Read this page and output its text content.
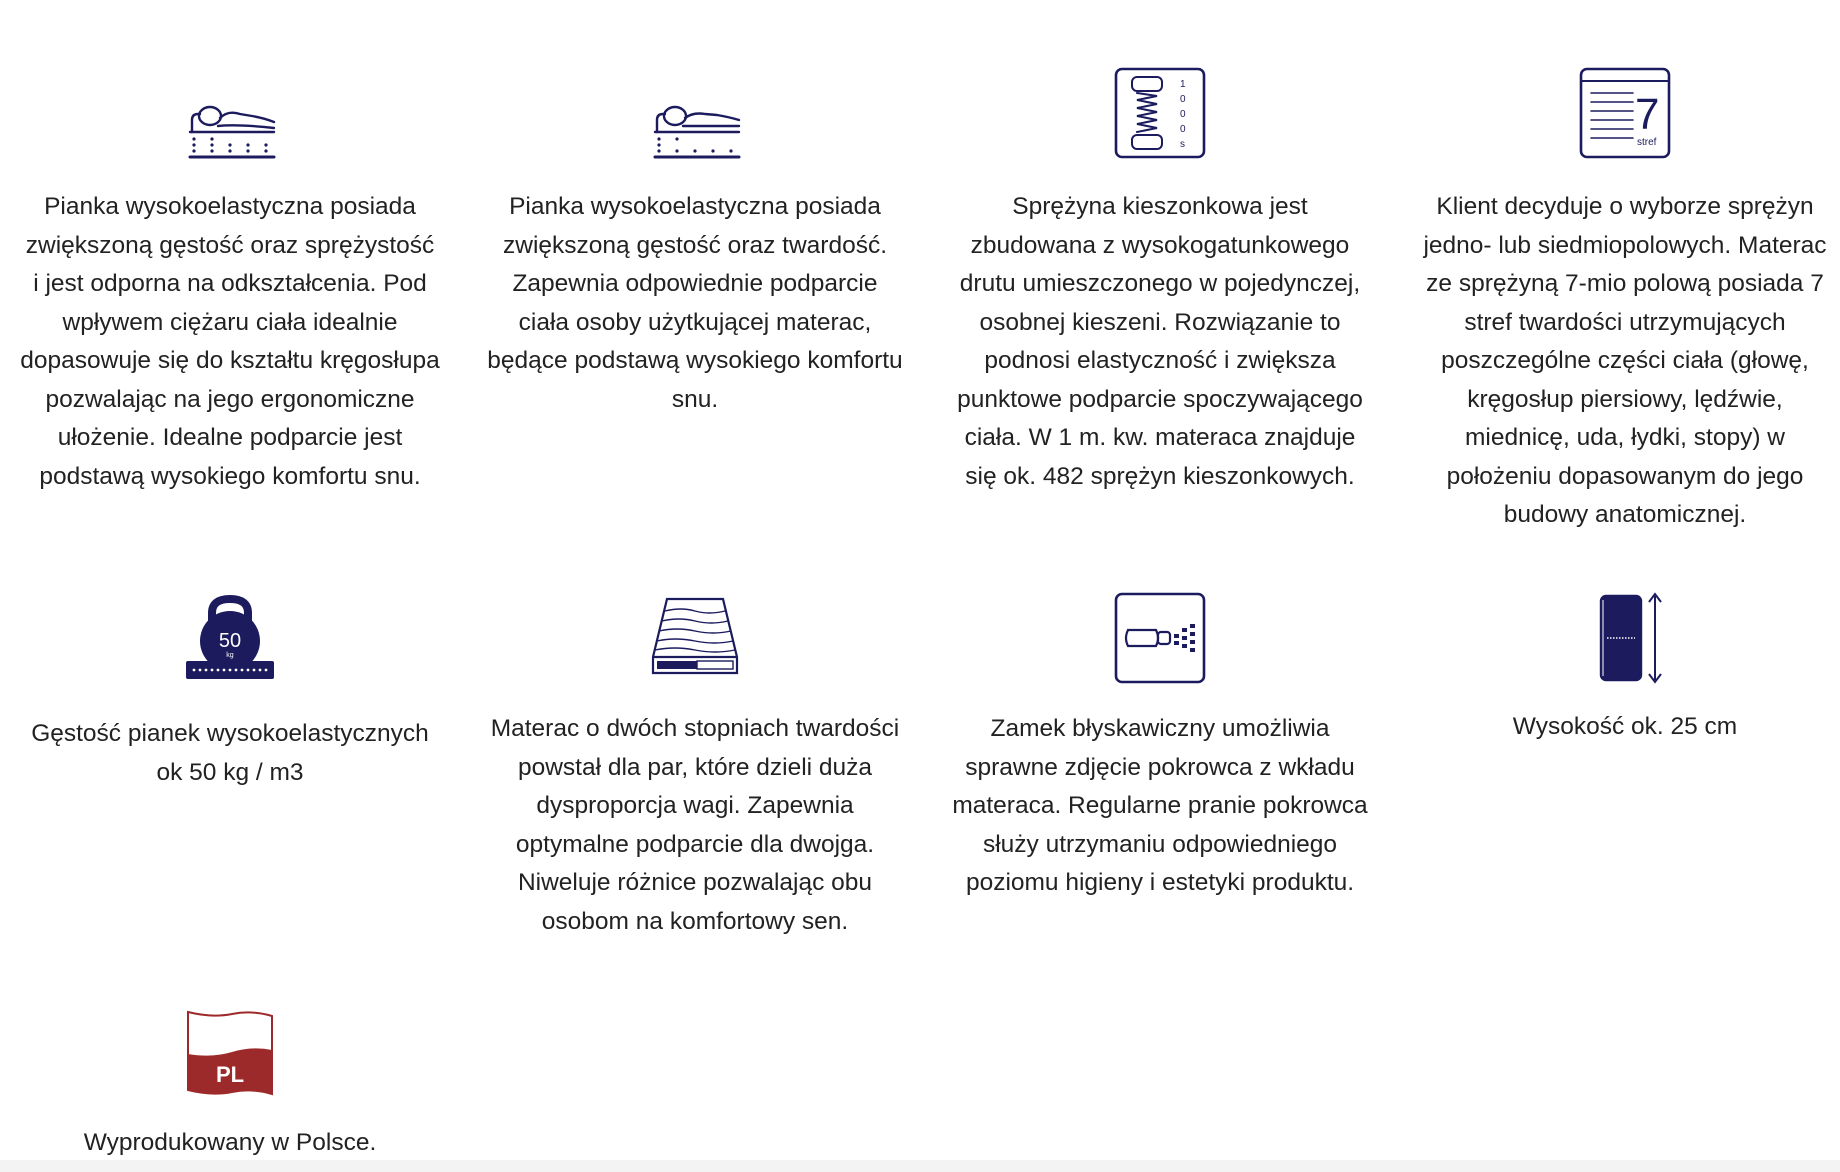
Pianka wysokoelastyczna posiada zwiększoną gęstość oraz sprężystość i jest odporna na odkształcenia. Pod wpływem ciężaru ciała idealnie dopasowuje się do kształtu kręgosłupa pozwalając na jego ergonomiczne ułożenie. Idealne podparcie jest podstawą wysokiego komfortu snu.

Pianka wysokoelastyczna posiada zwiększoną gęstość oraz twardość. Zapewnia odpowiednie podparcie ciała osoby użytkującej materac, będące podstawą wysokiego komfortu snu.

1
0
0
0
s

Sprężyna kieszonkowa jest zbudowana z wysokogatunkowego drutu umieszczonego w pojedynczej, osobnej kieszeni. Rozwiązanie to podnosi elastyczność i zwiększa punktowe podparcie spoczywającego ciała. W 1 m. kw. materaca znajduje się ok. 482 sprężyn kieszonkowych.

7
stref

Klient decyduje o wyborze sprężyn jedno- lub siedmiopolowych. Materac ze sprężyną 7-mio polową posiada 7 stref twardości utrzymujących poszczególne części ciała (głowę, kręgosłup piersiowy, lędźwie, miednicę, uda, łydki, stopy) w położeniu dopasowanym do jego budowy anatomicznej.

50
kg

Gęstość pianek wysokoelastycznych ok 50 kg / m3

Materac o dwóch stopniach twardości powstał dla par, które dzieli duża dysproporcja wagi. Zapewnia optymalne podparcie dla dwojga. Niweluje różnice pozwalając obu osobom na komfortowy sen.

Zamek błyskawiczny umożliwia sprawne zdjęcie pokrowca z wkładu materaca. Regularne pranie pokrowca służy utrzymaniu odpowiedniego poziomu higieny i estetyki produktu.

Wysokość ok. 25 cm

PL

Wyprodukowany w Polsce.
